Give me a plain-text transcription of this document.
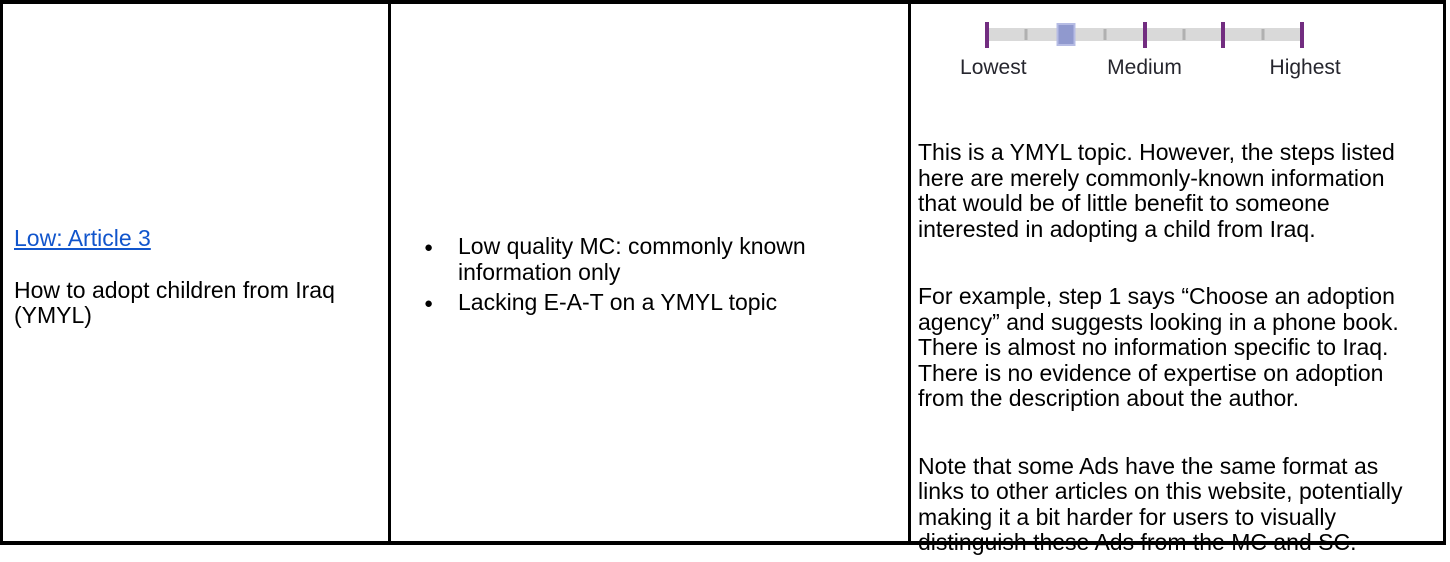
Low: Article 3
How to adopt children from Iraq (YMYL)
● Low quality MC: commonly known information only
● Lacking E-A-T on a YMYL topic
Lowest	Medium	Highest

This is a YMYL topic. However, the steps listed here are merely commonly-known information that would be of little benefit to someone interested in adopting a child from Iraq.

For example, step 1 says “Choose an adoption agency” and suggests looking in a phone book. There is almost no information specific to Iraq. There is no evidence of expertise on adoption from the description about the author.

Note that some Ads have the same format as links to other articles on this website, potentially making it a bit harder for users to visually distinguish these Ads from the MC and SC.
